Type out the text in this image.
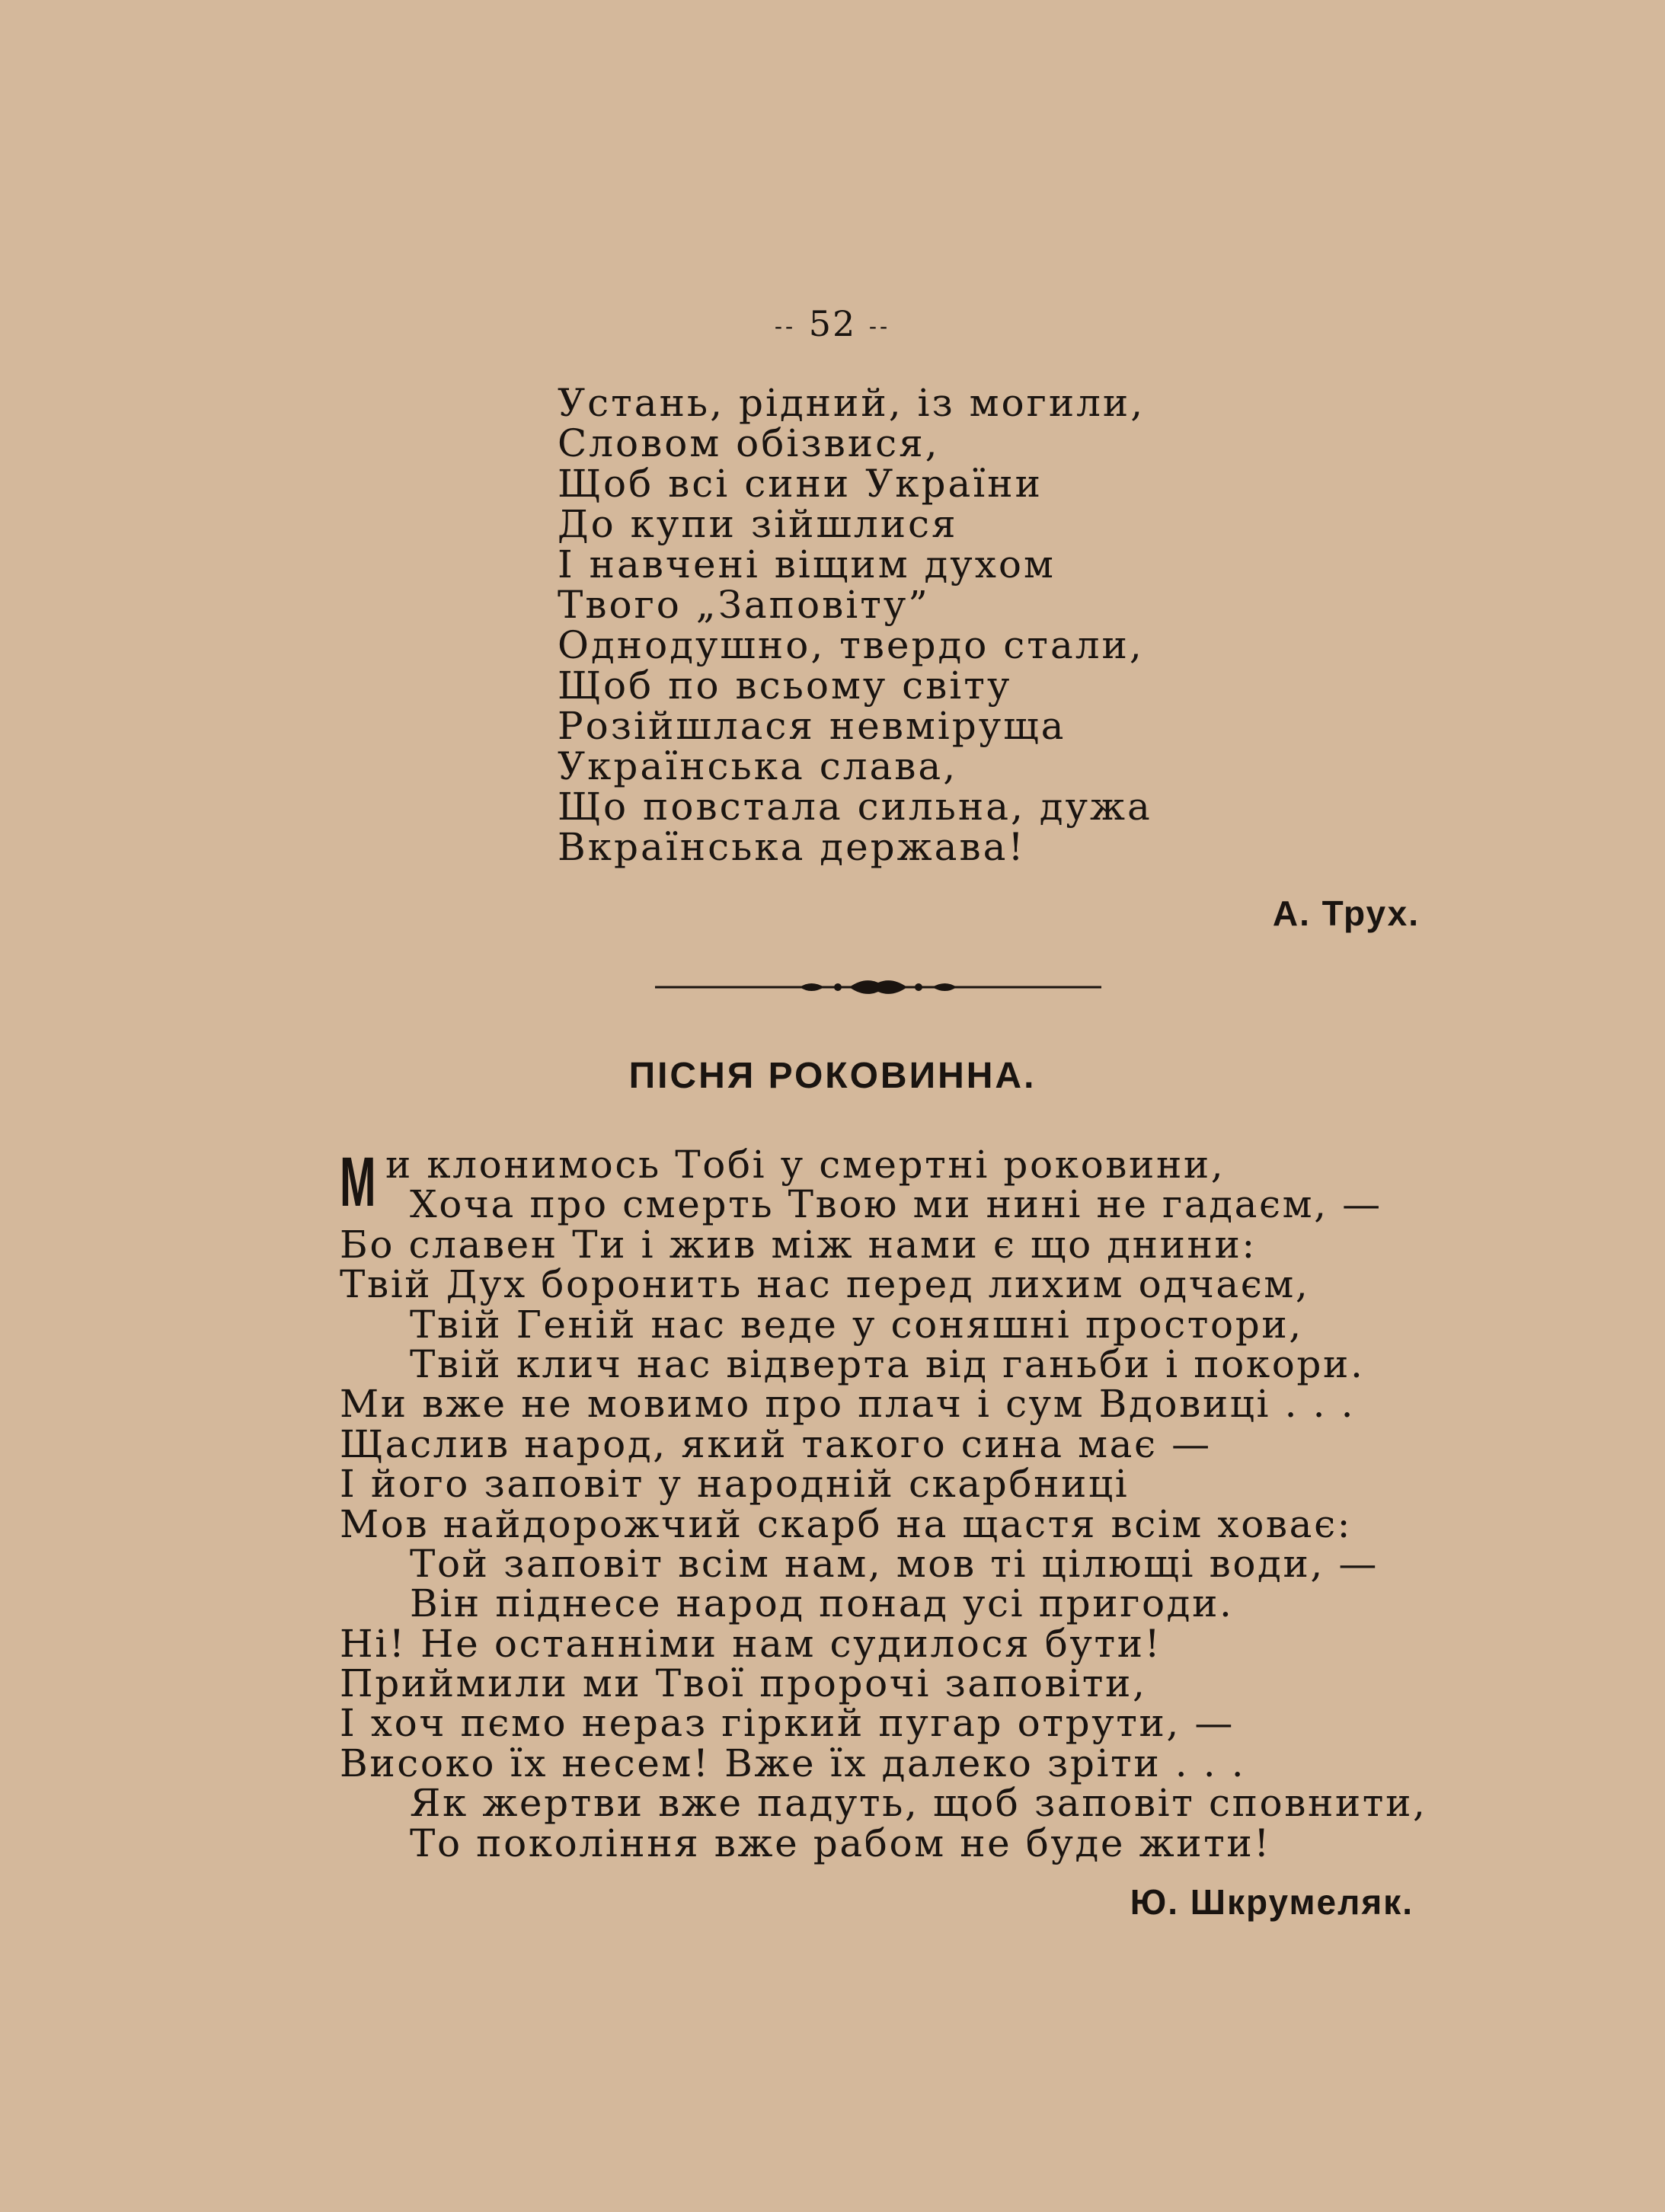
-- 52 --
Устань, рідний, із могили,
Словом обізвися,
Щоб всі сини України
До купи зійшлися
І навчені віщим духом
Твого „Заповіту”
Однодушно, твердо стали,
Щоб по всьому світу
Розійшлася невміруща
Українська слава,
Що повстала сильна, дужа
Вкраїнська держава!
А. Трух.
ПІСНЯ РОКОВИННА.
М и клонимось Тобі у смертні роковини,
Хоча про смерть Твою ми нині не гадаєм, —
Бо славен Ти і жив між нами є що днини:
Твій Дух боронить нас перед лихим одчаєм,
Твій Геній нас веде у соняшні простори,
Твій клич нас відверта від ганьби і покори.
Ми вже не мовимо про плач і сум Вдовиці . . .
Щаслив народ, який такого сина має —
І його заповіт у народній скарбниці
Мов найдорожчий скарб на щастя всім ховає:
Той заповіт всім нам, мов ті цілющі води, —
Він піднесе народ понад усі пригоди.
Ні! Не останніми нам судилося бути!
Приймили ми Твої пророчі заповіти,
І хоч пємо нераз гіркий пугар отрути, —
Високо їх несем! Вже їх далеко зріти . . .
Як жертви вже падуть, щоб заповіт сповнити,
То покоління вже рабом не буде жити!
Ю. Шкрумеляк.
